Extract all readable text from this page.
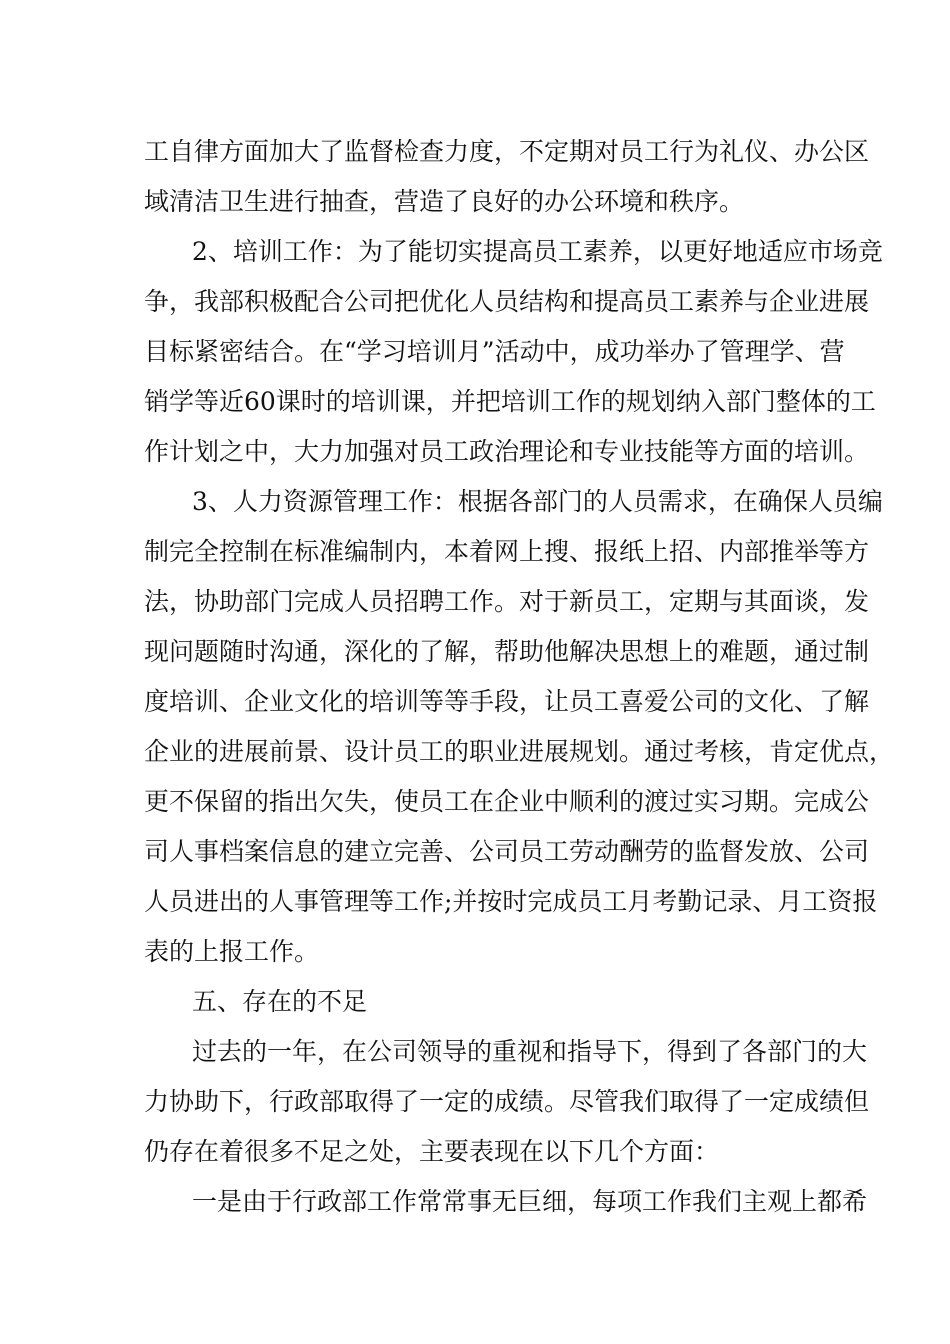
工自律方面加大了监督检查力度，不定期对员工行为礼仪、办公区
域清洁卫生进行抽查，营造了良好的办公环境和秩序。
2、培训工作：为了能切实提高员工素养，以更好地适应市场竞
争，我部积极配合公司把优化人员结构和提高员工素养与企业进展
目标紧密结合。在“学习培训月”活动中，成功举办了管理学、营
销学等近60课时的培训课，并把培训工作的规划纳入部门整体的工
作计划之中，大力加强对员工政治理论和专业技能等方面的培训。
3、人力资源管理工作：根据各部门的人员需求，在确保人员编
制完全控制在标准编制内，本着网上搜、报纸上招、内部推举等方
法，协助部门完成人员招聘工作。对于新员工，定期与其面谈，发
现问题随时沟通，深化的了解，帮助他解决思想上的难题，通过制
度培训、企业文化的培训等等手段，让员工喜爱公司的文化、了解
企业的进展前景、设计员工的职业进展规划。通过考核，肯定优点，
更不保留的指出欠失，使员工在企业中顺利的渡过实习期。完成公
司人事档案信息的建立完善、公司员工劳动酬劳的监督发放、公司
人员进出的人事管理等工作;并按时完成员工月考勤记录、月工资报
表的上报工作。
五、存在的不足
过去的一年，在公司领导的重视和指导下，得到了各部门的大
力协助下，行政部取得了一定的成绩。尽管我们取得了一定成绩但
仍存在着很多不足之处，主要表现在以下几个方面：
一是由于行政部工作常常事无巨细，每项工作我们主观上都希
